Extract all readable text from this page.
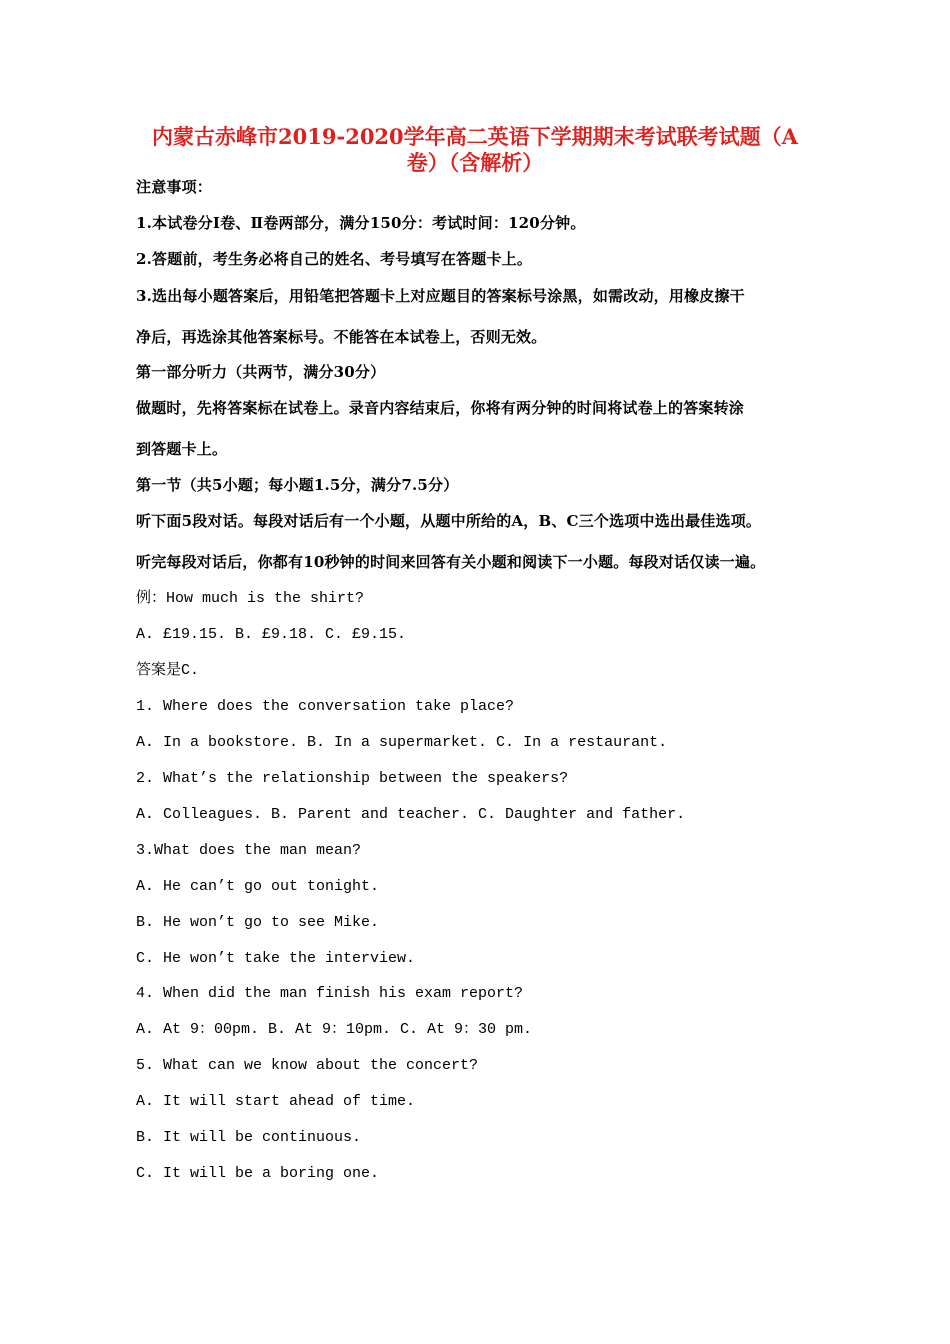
内蒙古赤峰市2019-2020学年高二英语下学期期末考试联考试题（A
卷）（含解析）
注意事项：
1.本试卷分Ⅰ卷、Ⅱ卷两部分，满分150分：考试时间：120分钟。
2.答题前，考生务必将自己的姓名、考号填写在答题卡上。
3.选出每小题答案后，用铅笔把答题卡上对应题目的答案标号涂黑，如需改动，用橡皮擦干
净后，再选涂其他答案标号。不能答在本试卷上，否则无效。
第一部分听力（共两节，满分30分）
做题时，先将答案标在试卷上。录音内容结束后，你将有两分钟的时间将试卷上的答案转涂
到答题卡上。
第一节（共5小题；每小题1.5分，满分7.5分）
听下面5段对话。每段对话后有一个小题，从题中所给的A，B、C三个选项中选出最佳选项。
听完每段对话后，你都有10秒钟的时间来回答有关小题和阅读下一小题。每段对话仅读一遍。
例：How much is the shirt?
A. £19.15. B. £9.18. C. £9.15.
答案是C.
1. Where does the conversation take place?
A. In a bookstore. B. In a supermarket. C. In a restaurant.
2. What’s the relationship between the speakers?
A. Colleagues. B. Parent and teacher. C. Daughter and father.
3.What does the man mean?
A. He can’t go out tonight.
B. He won’t go to see Mike.
C. He won’t take the interview.
4. When did the man finish his exam report?
A. At 9：00pm. B. At 9：10pm. C. At 9：30 pm.
5. What can we know about the concert?
A. It will start ahead of time.
B. It will be continuous.
C. It will be a boring one.
